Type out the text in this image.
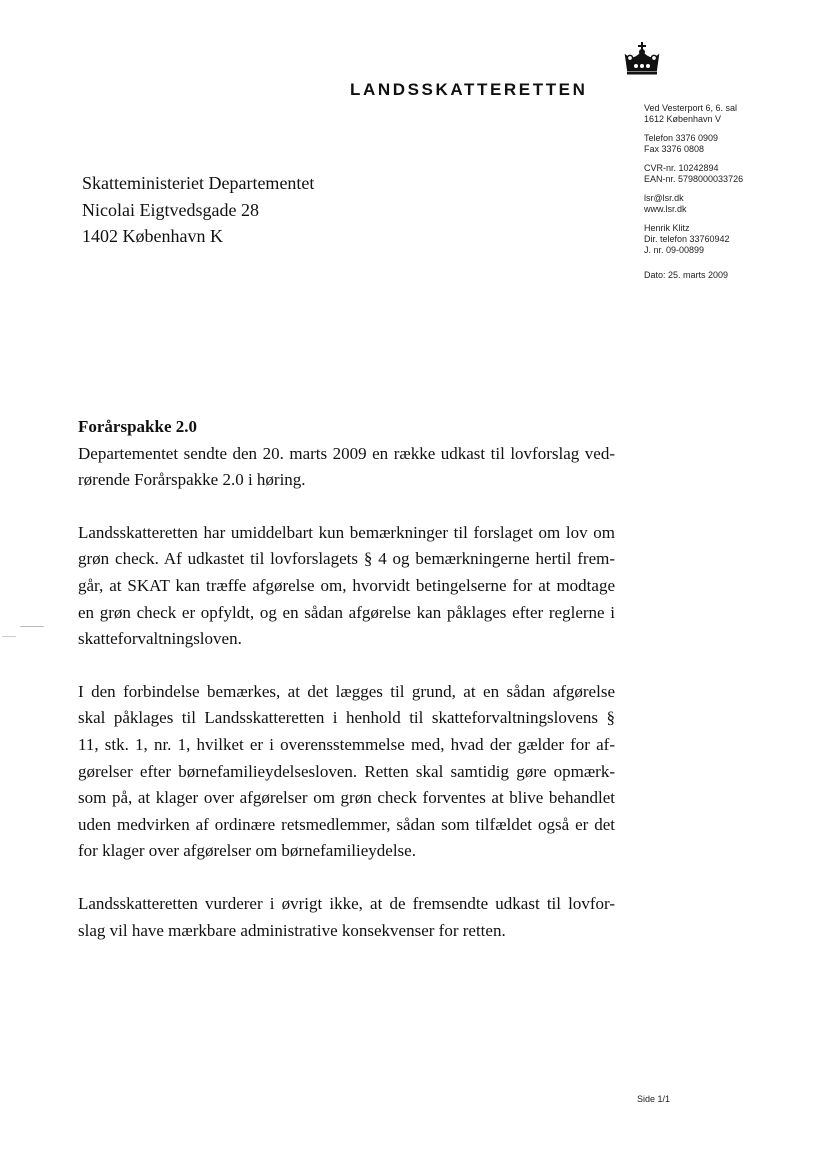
LANDSSKATTERETTEN
Ved Vesterport 6, 6. sal
1612 København V
Telefon 3376 0909
Fax 3376 0808
CVR-nr. 10242894
EAN-nr. 5798000033726
lsr@lsr.dk
www.lsr.dk
Henrik Klitz
Dir. telefon 33760942
J. nr. 09-00899
Dato: 25. marts 2009
Skatteministeriet Departementet
Nicolai Eigtvedsgade 28
1402 København K
Forårspakke 2.0
Departementet sendte den 20. marts 2009 en række udkast til lovforslag ved-
rørende Forårspakke 2.0 i høring.
Landsskatteretten har umiddelbart kun bemærkninger til forslaget om lov om
grøn check. Af udkastet til lovforslagets § 4 og bemærkningerne hertil frem-
går, at SKAT kan træffe afgørelse om, hvorvidt betingelserne for at modtage
en grøn check er opfyldt, og en sådan afgørelse kan påklages efter reglerne i
skatteforvaltningsloven.
I den forbindelse bemærkes, at det lægges til grund, at en sådan afgørelse
skal påklages til Landsskatteretten i henhold til skatteforvaltningslovens §
11, stk. 1, nr. 1, hvilket er i overensstemmelse med, hvad der gælder for af-
gørelser efter børnefamilieydelsesloven. Retten skal samtidig gøre opmærk-
som på, at klager over afgørelser om grøn check forventes at blive behandlet
uden medvirken af ordinære retsmedlemmer, sådan som tilfældet også er det
for klager over afgørelser om børnefamilieydelse.
Landsskatteretten vurderer i øvrigt ikke, at de fremsendte udkast til lovfor-
slag vil have mærkbare administrative konsekvenser for retten.
Side 1/1
